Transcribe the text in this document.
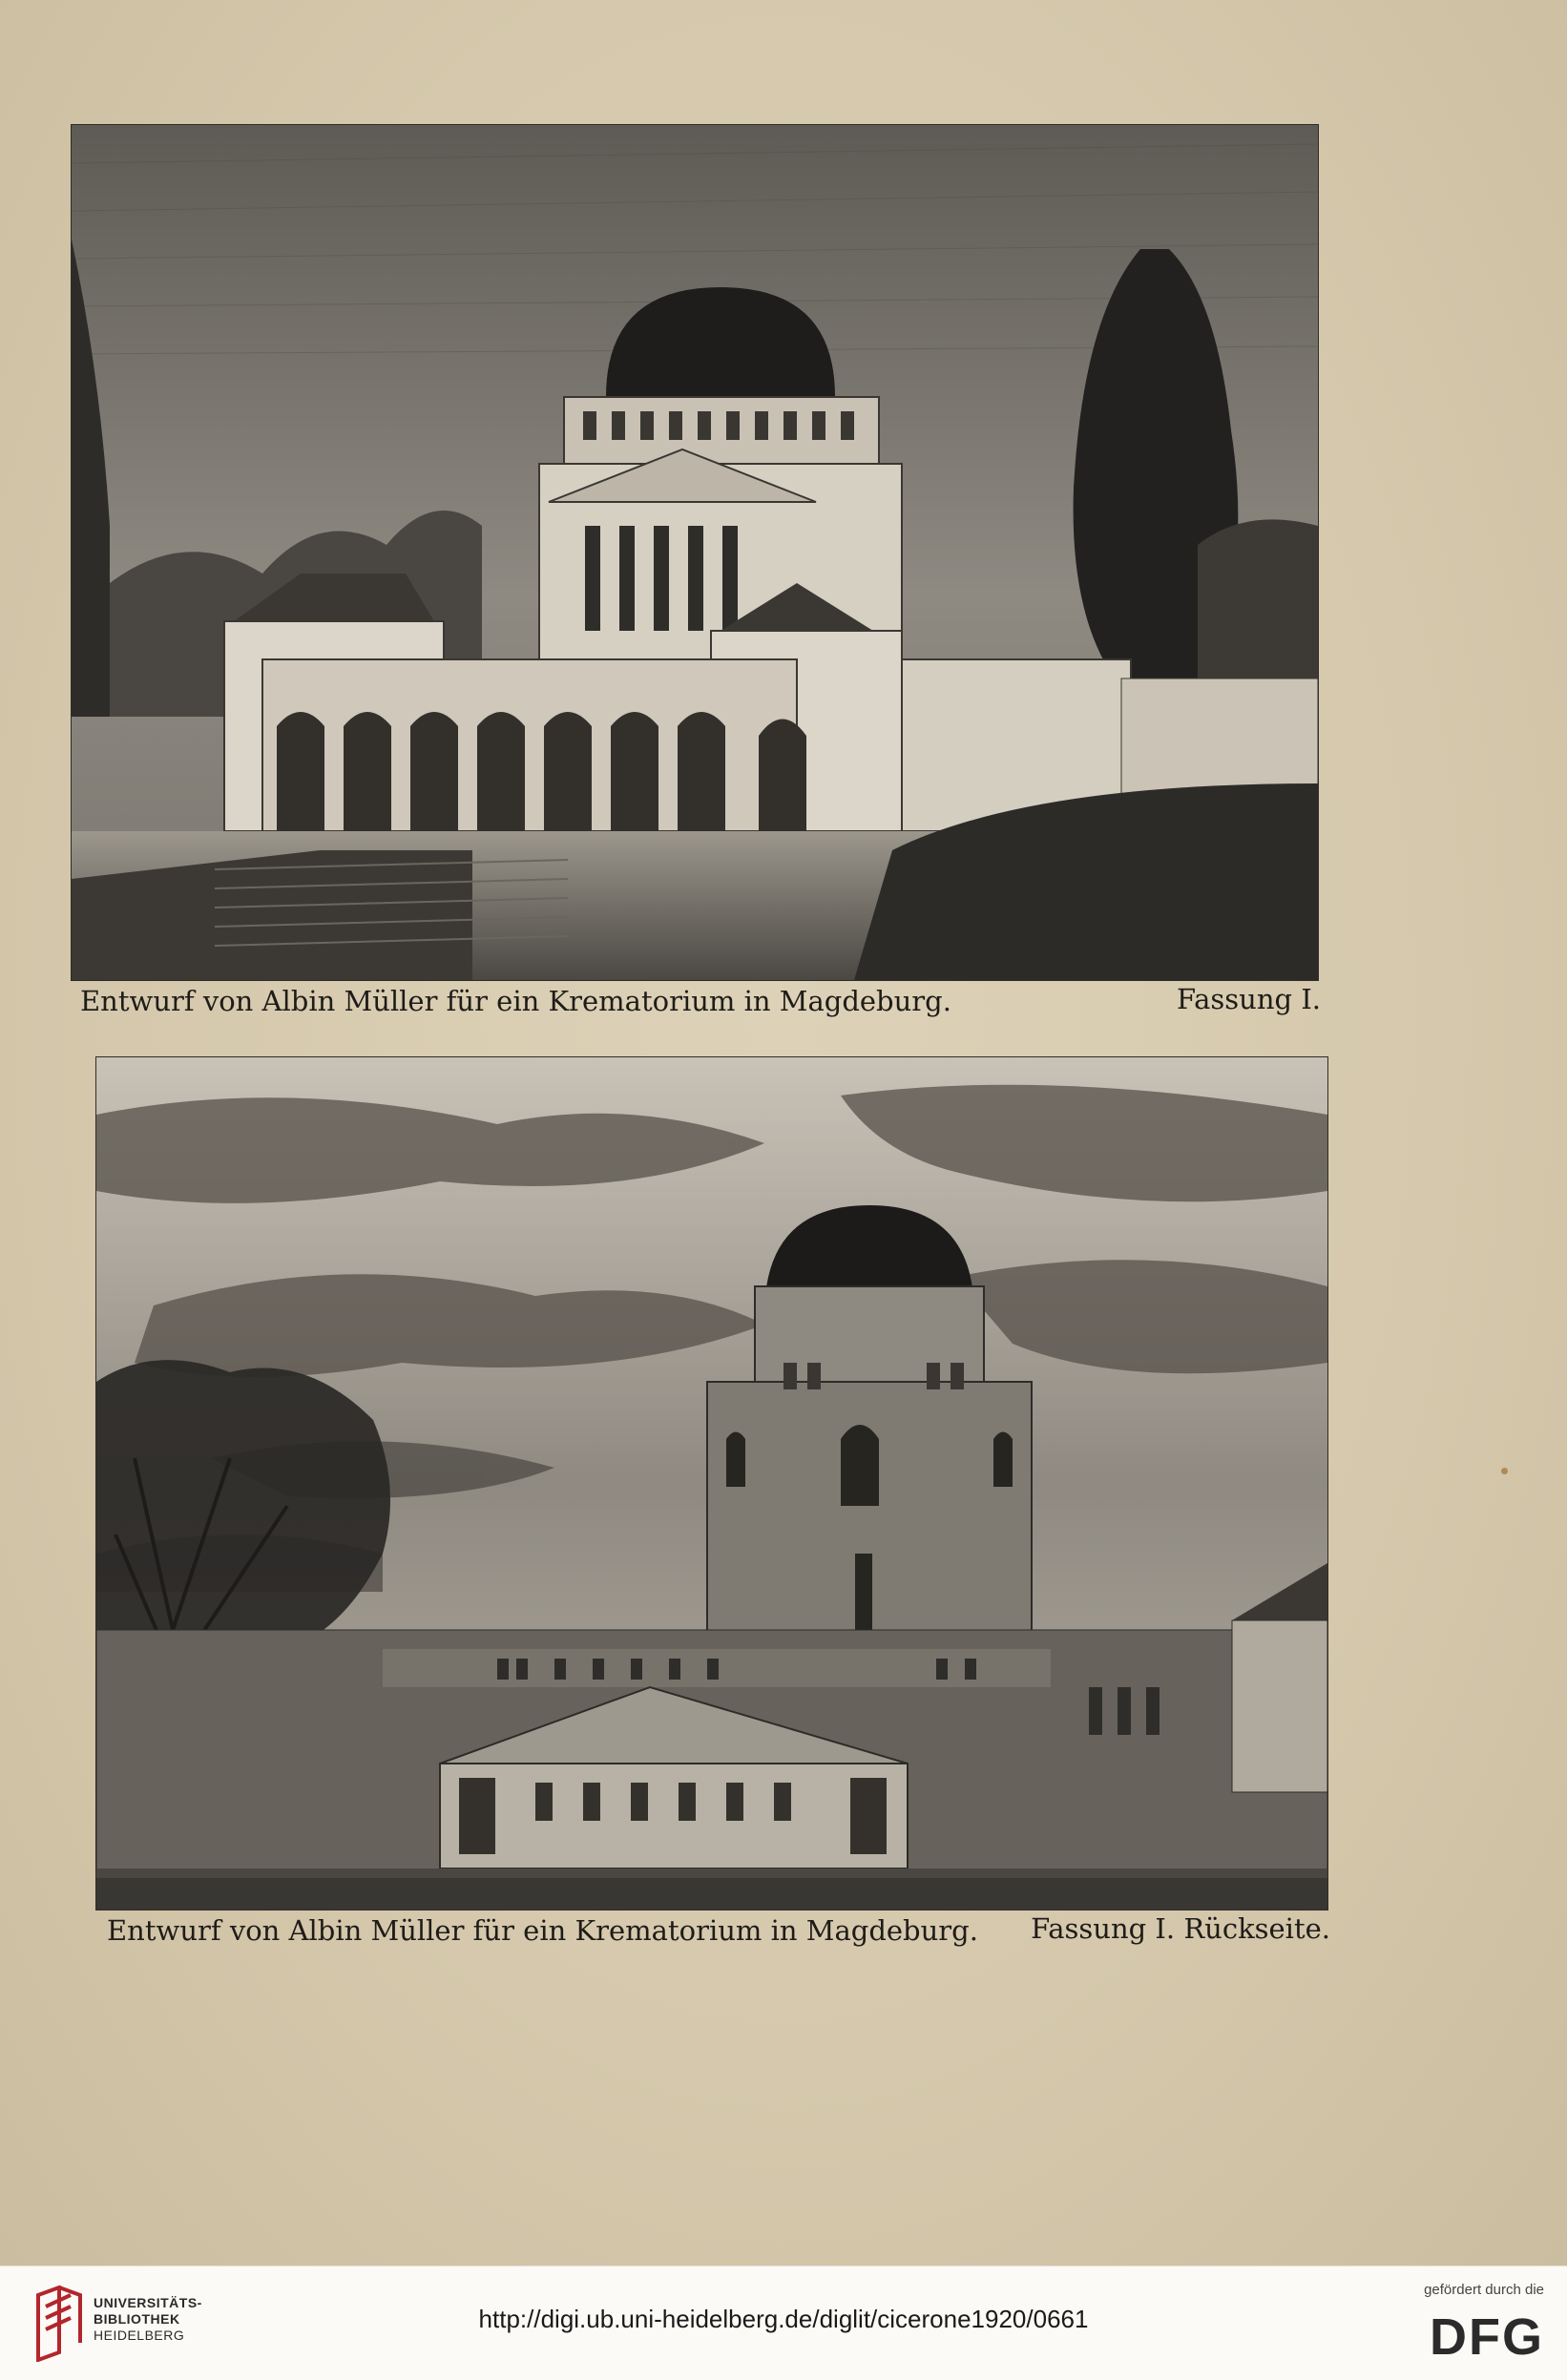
Entwurf von Albin Müller für ein Krematorium in Magdeburg.	Fassung I.
Entwurf von Albin Müller für ein Krematorium in Magdeburg.	Fassung I. Rückseite.
UNIVERSITÄTS-
BIBLIOTHEK
HEIDELBERG
http://digi.ub.uni-heidelberg.de/diglit/cicerone1920/0661
gefördert durch die
DFG
